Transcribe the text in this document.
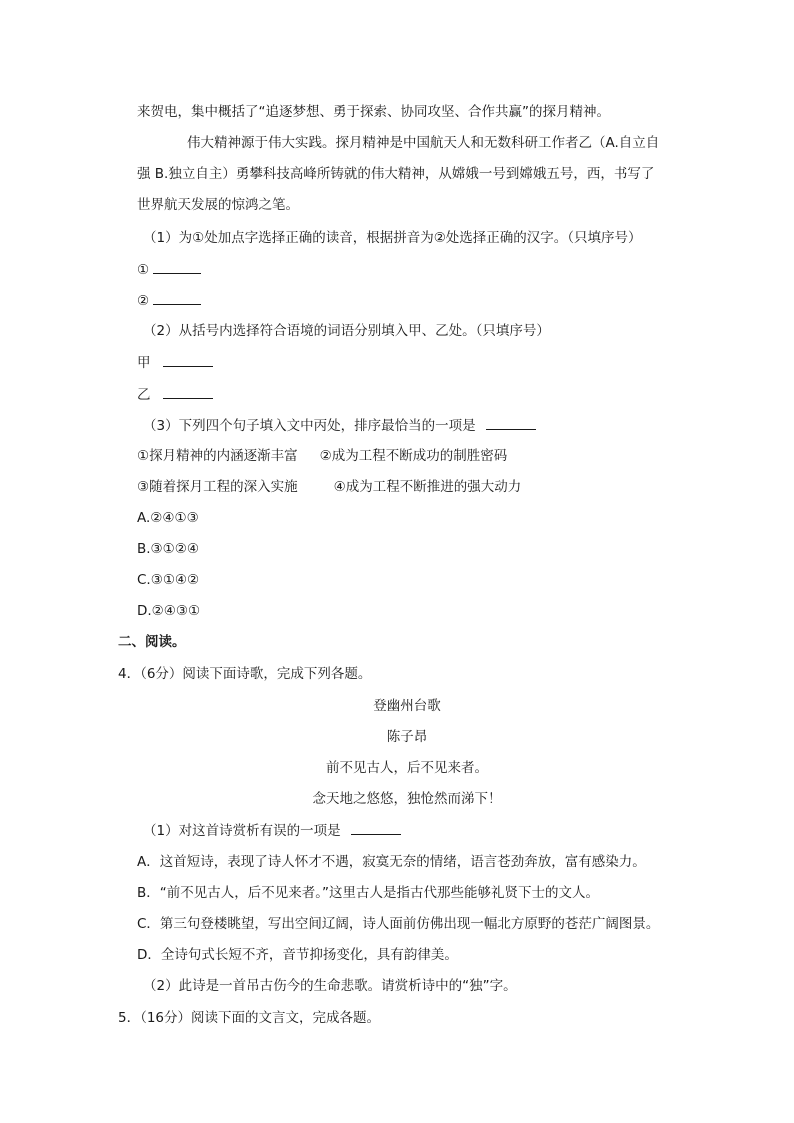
来贺电，集中概括了“追逐梦想、勇于探索、协同攻坚、合作共赢”的探月精神。
伟大精神源于伟大实践。探月精神是中国航天人和无数科研工作者乙（A.自立自
强 B.独立自主）勇攀科技高峰所铸就的伟大精神，从嫦娥一号到嫦娥五号，西，书写了
世界航天发展的惊鸿之笔。
（1）为①处加点字选择正确的读音，根据拼音为②处选择正确的汉字。（只填序号）
①
②
（2）从括号内选择符合语境的词语分别填入甲、乙处。（只填序号）
甲
乙
（3）下列四个句子填入文中丙处，排序最恰当的一项是
①探月精神的内涵逐渐丰富 ②成为工程不断成功的制胜密码
③随着探月工程的深入实施	④成为工程不断推进的强大动力
A.②④①③
B.③①②④
C.③①④②
D.②④③①
二、阅读。
4．（6分）阅读下面诗歌，完成下列各题。
登幽州台歌
陈子昂
前不见古人，后不见来者。
念天地之悠悠，独怆然而涕下！
（1）对这首诗赏析有误的一项是
A．这首短诗，表现了诗人怀才不遇，寂寞无奈的情绪，语言苍劲奔放，富有感染力。
B．“前不见古人，后不见来者。”这里古人是指古代那些能够礼贤下士的文人。
C．第三句登楼眺望，写出空间辽阔，诗人面前仿佛出现一幅北方原野的苍茫广阔图景。
D．全诗句式长短不齐，音节抑扬变化，具有韵律美。
（2）此诗是一首吊古伤今的生命悲歌。请赏析诗中的“独”字。
5．（16分）阅读下面的文言文，完成各题。
